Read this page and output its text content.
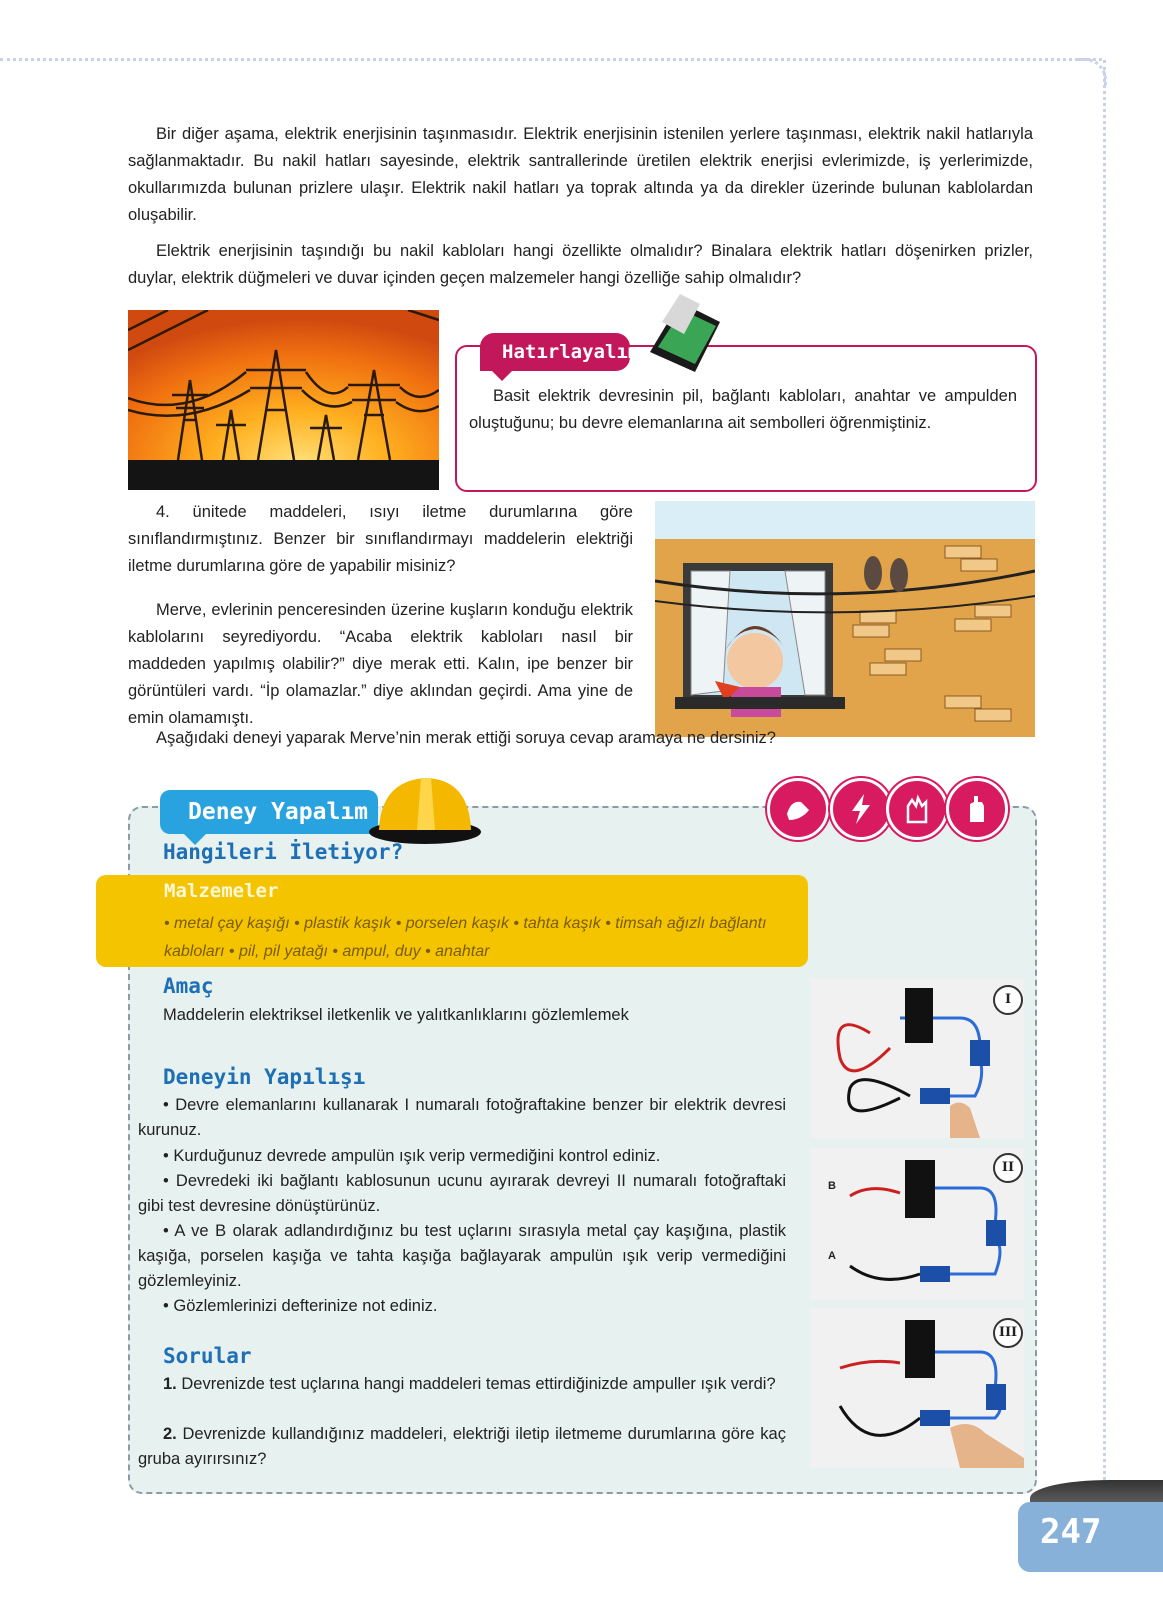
Bir diğer aşama, elektrik enerjisinin taşınmasıdır. Elektrik enerjisinin istenilen yerlere taşınması, elektrik nakil hatlarıyla sağlanmaktadır. Bu nakil hatları sayesinde, elektrik santrallerinde üretilen elektrik enerjisi evlerimizde, iş yerlerimizde, okullarımızda bulunan prizlere ulaşır. Elektrik nakil hatları ya toprak altında ya da direkler üzerinde bulunan kablolardan oluşabilir.

Elektrik enerjisinin taşındığı bu nakil kabloları hangi özellikte olmalıdır? Binalara elektrik hatları döşenirken prizler, duylar, elektrik düğmeleri ve duvar içinden geçen malzemeler hangi özelliğe sahip olmalıdır?

Basit elektrik devresinin pil, bağlantı kabloları, anahtar ve ampulden oluştuğunu; bu devre elemanlarına ait sembolleri öğrenmiştiniz.

Hatırlayalım

4. ünitede maddeleri, ısıyı iletme durumlarına göre sınıflandırmıştınız. Benzer bir sınıflandırmayı maddelerin elektriği iletme durumlarına göre de yapabilir misiniz?

Merve, evlerinin penceresinden üzerine kuşların konduğu elektrik kablolarını seyrediyordu. “Acaba elektrik kabloları nasıl bir maddeden yapılmış olabilir?” diye merak etti. Kalın, ipe benzer bir görüntüleri vardı. “İp olamazlar.” diye aklından geçirdi. Ama yine de emin olamamıştı.

Aşağıdaki deneyi yaparak Merve’nin merak ettiği soruya cevap aramaya ne dersiniz?

Deney Yapalım
Hangileri İletiyor?
Malzemeler
• metal çay kaşığı • plastik kaşık • porselen kaşık • tahta kaşık • timsah ağızlı bağlantı kabloları • pil, pil yatağı • ampul, duy • anahtar
Amaç
Maddelerin elektriksel iletkenlik ve yalıtkanlıklarını gözlemlemek
Deneyin Yapılışı
• Devre elemanlarını kullanarak I numaralı fotoğraftakine benzer bir elektrik devresi kurunuz.
• Kurduğunuz devrede ampulün ışık verip vermediğini kontrol ediniz.
• Devredeki iki bağlantı kablosunun ucunu ayırarak devreyi II numaralı fotoğraftaki gibi test devresine dönüştürünüz.
• A ve B olarak adlandırdığınız bu test uçlarını sırasıyla metal çay kaşığına, plastik kaşığa, porselen kaşığa ve tahta kaşığa bağlayarak ampulün ışık verip vermediğini gözlemleyiniz.
• Gözlemlerinizi defterinize not ediniz.
Sorular
1. Devrenizde test uçlarına hangi maddeleri temas ettirdiğinizde ampuller ışık verdi?
2. Devrenizde kullandığınız maddeleri, elektriği iletip iletmeme durumlarına göre kaç gruba ayırırsınız?
B
A
I
II
III
247
